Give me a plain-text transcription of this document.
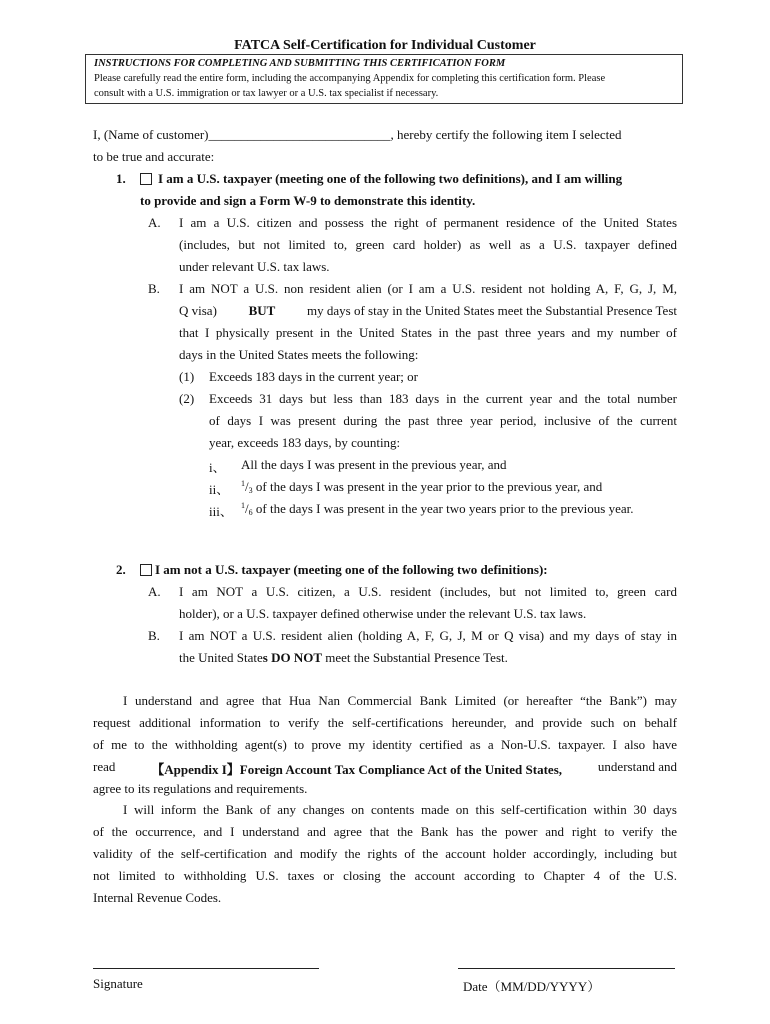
FATCA Self-Certification for Individual Customer
INSTRUCTIONS FOR COMPLETING AND SUBMITTING THIS CERTIFICATION FORM
Please carefully read the entire form, including the accompanying Appendix for completing this certification form. Please
consult with a U.S. immigration or tax lawyer or a U.S. tax specialist if necessary.
I, (Name of customer)____________________________, hereby certify the following item I selected
to be true and accurate:
1.	I am a U.S. taxpayer (meeting one of the following two definitions), and I am willing
to provide and sign a Form W-9 to demonstrate this identity.
A. I am a U.S. citizen and possess the right of permanent residence of the United States
(includes, but not limited to, green card holder) as well as a U.S. taxpayer defined
under relevant U.S. tax laws.
B. I am NOT a U.S. non resident alien (or I am a U.S. resident not holding A, F, G, J, M,
Q visa) BUT my days of stay in the United States meet the Substantial Presence Test
that I physically present in the United States in the past three years and my number of
days in the United States meets the following:
(1) Exceeds 183 days in the current year; or
(2) Exceeds 31 days but less than 183 days in the current year and the total number
of days I was present during the past three year period, inclusive of the current
year, exceeds 183 days, by counting:
i、 All the days I was present in the previous year, and
ii、 $^1/_3$ of the days I was present in the year prior to the previous year, and
iii、 $^1/_6$ of the days I was present in the year two years prior to the previous year.
2.	I am not a U.S. taxpayer (meeting one of the following two definitions):
A. I am NOT a U.S. citizen, a U.S. resident (includes, but not limited to, green card
holder), or a U.S. taxpayer defined otherwise under the relevant U.S. tax laws.
B. I am NOT a U.S. resident alien (holding A, F, G, J, M or Q visa) and my days of stay in
the United States DO NOT meet the Substantial Presence Test.
I understand and agree that Hua Nan Commercial Bank Limited (or hereafter “the Bank”) may
request additional information to verify the self-certifications hereunder, and provide such on behalf
of me to the withholding agent(s) to prove my identity certified as a Non-U.S. taxpayer. I also have
read	【Appendix I】Foreign Account Tax Compliance Act of the United States,	understand and
agree to its regulations and requirements.
I will inform the Bank of any changes on contents made on this self-certification within 30 days
of the occurrence, and I understand and agree that the Bank has the power and right to verify the
validity of the self-certification and modify the rights of the account holder accordingly, including but
not limited to withholding U.S. taxes or closing the account according to Chapter 4 of the U.S.
Internal Revenue Codes.
Signature	Date（MM/DD/YYYY）
